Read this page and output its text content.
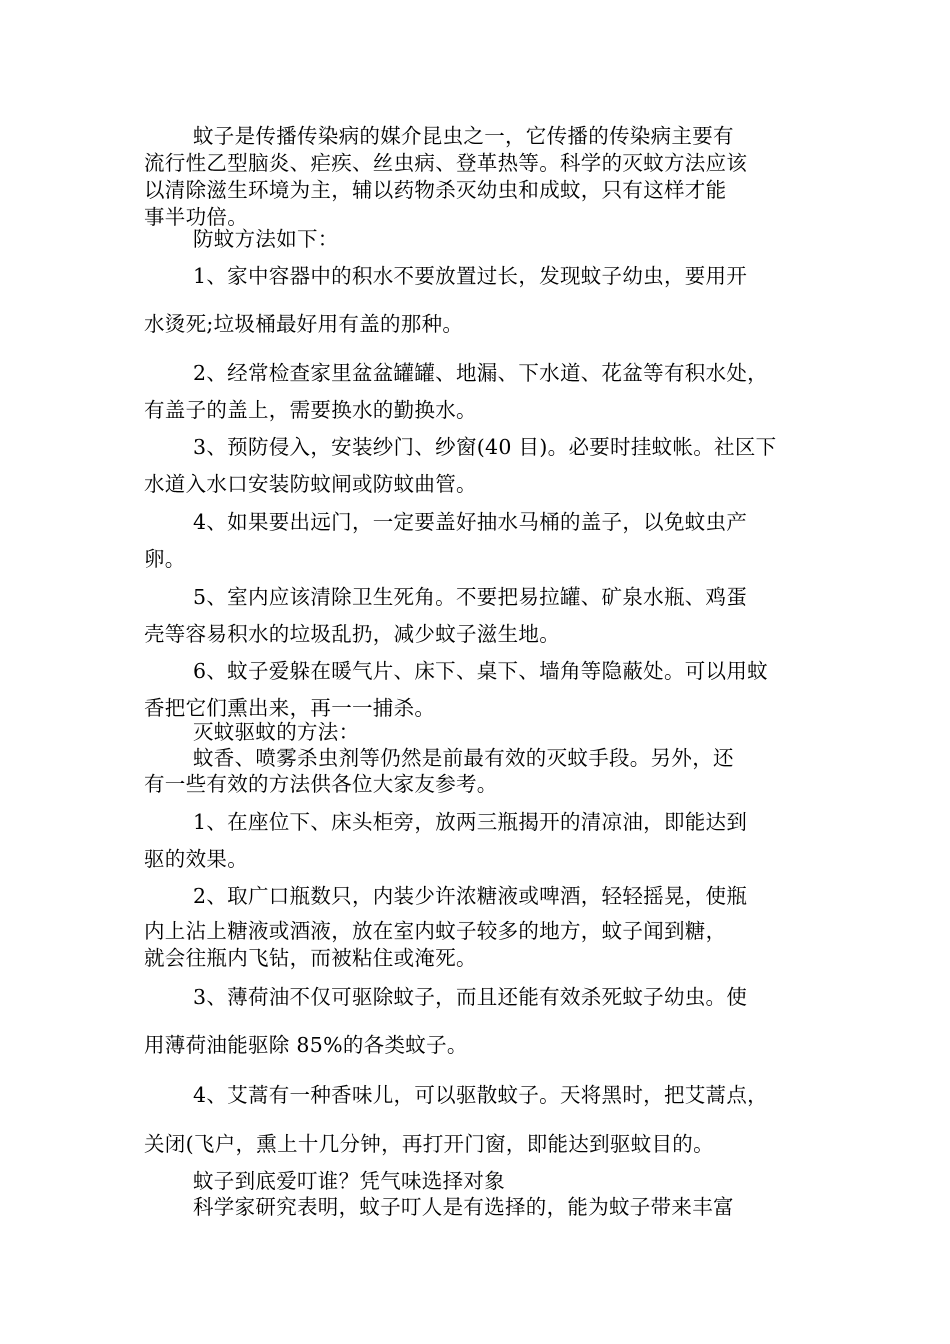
蚊子是传播传染病的媒介昆虫之一，它传播的传染病主要有
流行性乙型脑炎、疟疾、丝虫病、登革热等。科学的灭蚊方法应该
以清除滋生环境为主，辅以药物杀灭幼虫和成蚊，只有这样才能
事半功倍。
防蚊方法如下：
1、家中容器中的积水不要放置过长，发现蚊子幼虫，要用开
水烫死;垃圾桶最好用有盖的那种。
2、经常检查家里盆盆罐罐、地漏、下水道、花盆等有积水处，
有盖子的盖上，需要换水的勤换水。
3、预防侵入，安装纱门、纱窗(40 目)。必要时挂蚊帐。社区下
水道入水口安装防蚊闸或防蚊曲管。
4、如果要出远门，一定要盖好抽水马桶的盖子，以免蚊虫产
卵。
5、室内应该清除卫生死角。不要把易拉罐、矿泉水瓶、鸡蛋
壳等容易积水的垃圾乱扔，减少蚊子滋生地。
6、蚊子爱躲在暖气片、床下、桌下、墙角等隐蔽处。可以用蚊
香把它们熏出来，再一一捕杀。
灭蚊驱蚊的方法：
蚊香、喷雾杀虫剂等仍然是前最有效的灭蚊手段。另外，还
有一些有效的方法供各位大家友参考。
1、在座位下、床头柜旁，放两三瓶揭开的清凉油，即能达到
驱的效果。
2、取广口瓶数只，内装少许浓糖液或啤酒，轻轻摇晃，使瓶
内上沾上糖液或酒液，放在室内蚊子较多的地方，蚊子闻到糖，
就会往瓶内飞钻，而被粘住或淹死。
3、薄荷油不仅可驱除蚊子，而且还能有效杀死蚊子幼虫。使
用薄荷油能驱除 85%的各类蚊子。
4、艾蒿有一种香味儿，可以驱散蚊子。天将黑时，把艾蒿点，
关闭(飞户，熏上十几分钟，再打开门窗，即能达到驱蚊目的。
蚊子到底爱叮谁？凭气味选择对象
科学家研究表明，蚊子叮人是有选择的，能为蚊子带来丰富
